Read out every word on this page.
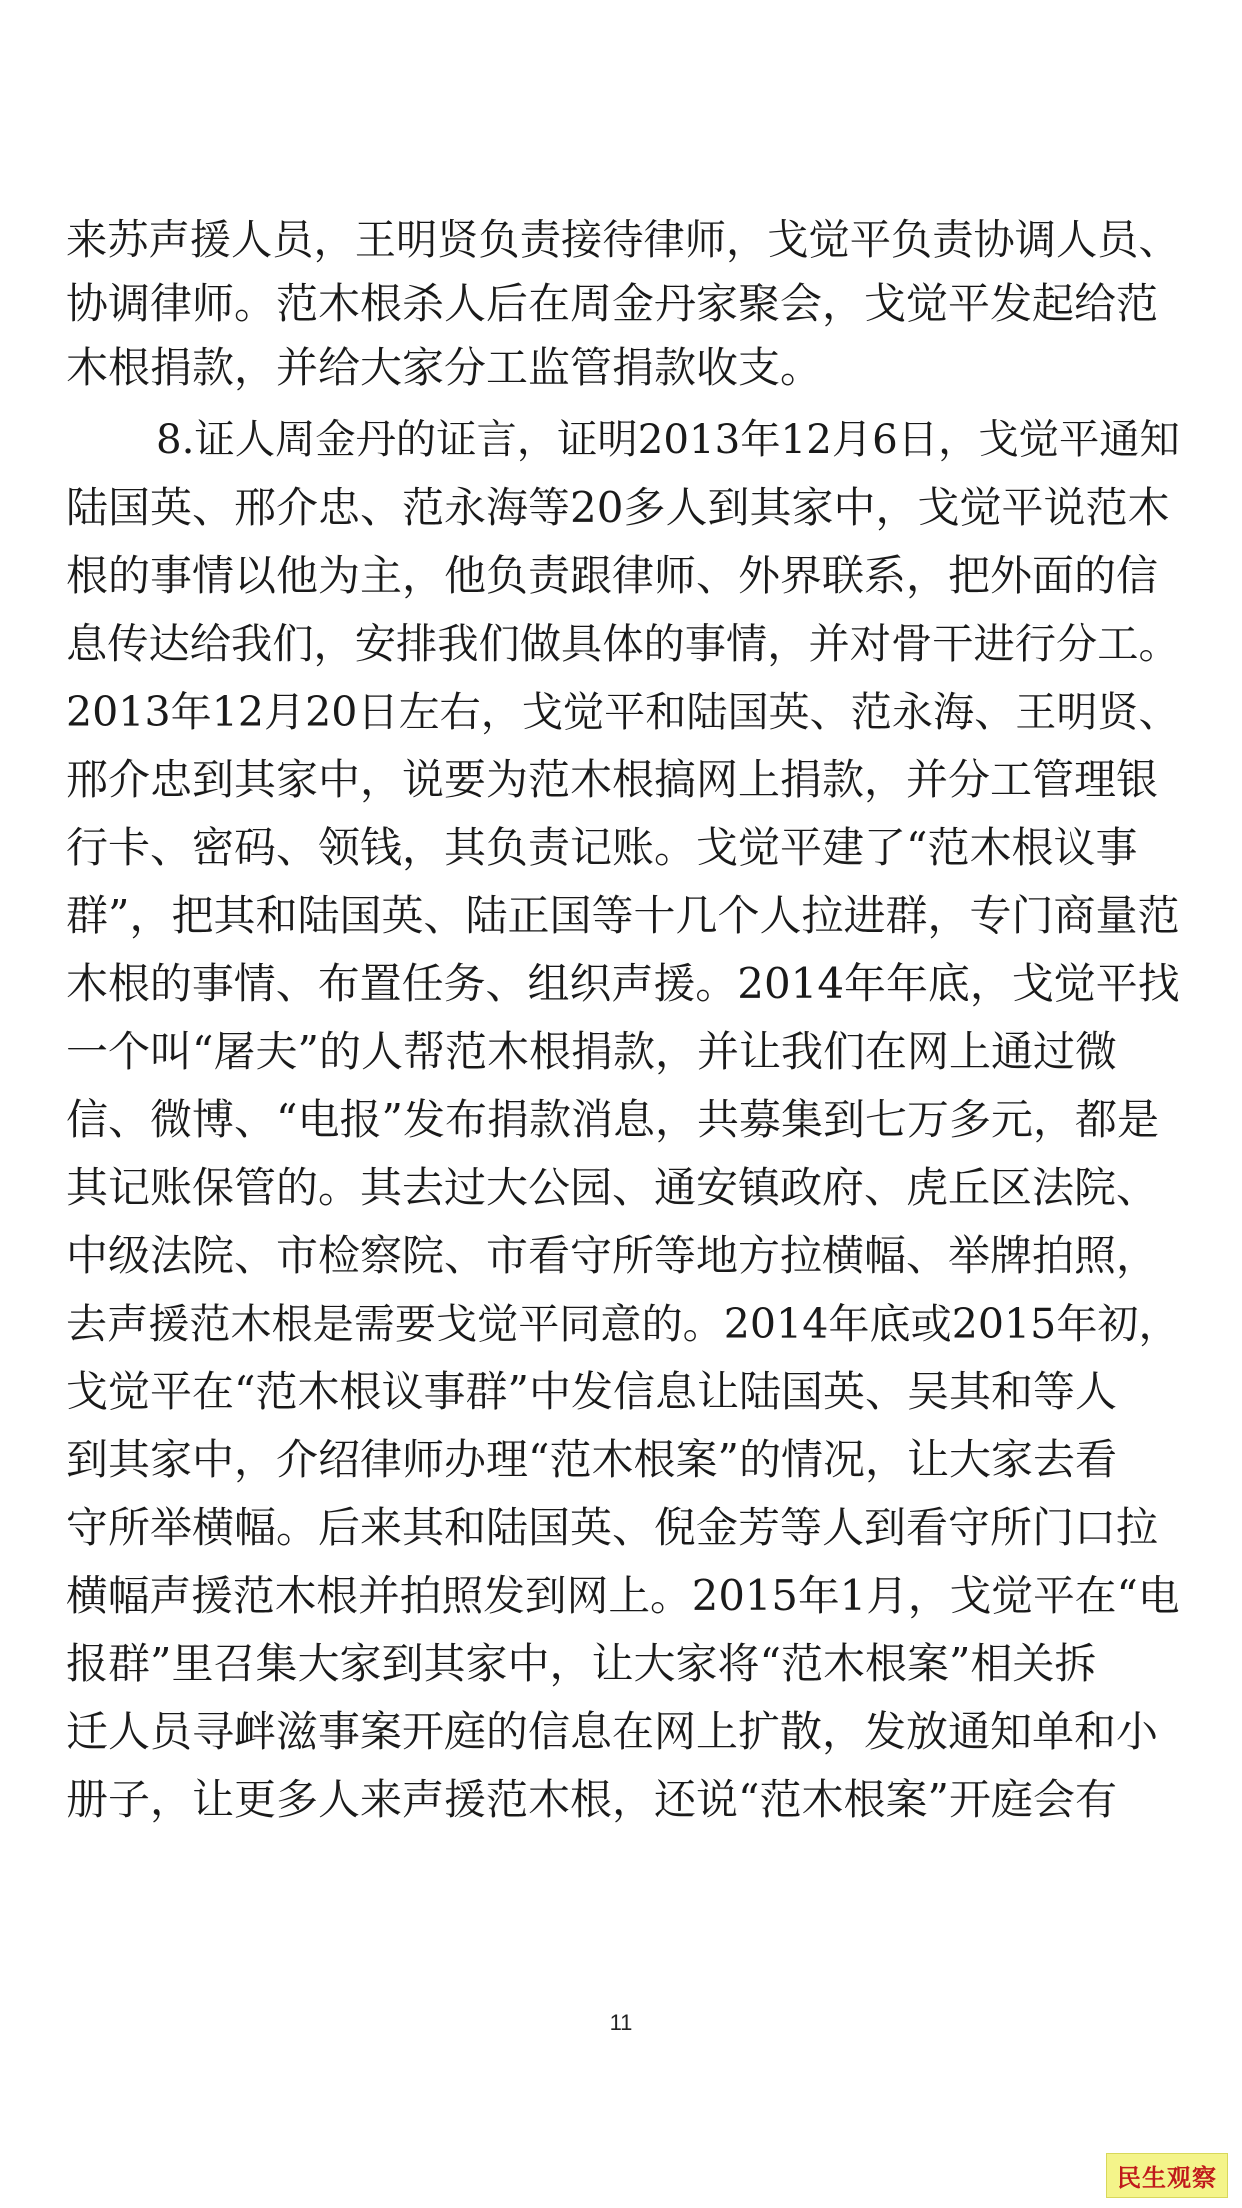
来苏声援人员，王明贤负责接待律师，戈觉平负责协调人员、
协调律师。范木根杀人后在周金丹家聚会，戈觉平发起给范
木根捐款，并给大家分工监管捐款收支。
8.证人周金丹的证言，证明2013年12月6日，戈觉平通知
陆国英、邢介忠、范永海等20多人到其家中，戈觉平说范木
根的事情以他为主，他负责跟律师、外界联系，把外面的信
息传达给我们，安排我们做具体的事情，并对骨干进行分工。
2013年12月20日左右，戈觉平和陆国英、范永海、王明贤、
邢介忠到其家中，说要为范木根搞网上捐款，并分工管理银
行卡、密码、领钱，其负责记账。戈觉平建了“范木根议事
群”，把其和陆国英、陆正国等十几个人拉进群，专门商量范
木根的事情、布置任务、组织声援。2014年年底，戈觉平找
一个叫“屠夫”的人帮范木根捐款，并让我们在网上通过微
信、微博、“电报”发布捐款消息，共募集到七万多元，都是
其记账保管的。其去过大公园、通安镇政府、虎丘区法院、
中级法院、市检察院、市看守所等地方拉横幅、举牌拍照，
去声援范木根是需要戈觉平同意的。2014年底或2015年初，
戈觉平在“范木根议事群”中发信息让陆国英、吴其和等人
到其家中，介绍律师办理“范木根案”的情况，让大家去看
守所举横幅。后来其和陆国英、倪金芳等人到看守所门口拉
横幅声援范木根并拍照发到网上。2015年1月，戈觉平在“电
报群”里召集大家到其家中，让大家将“范木根案”相关拆
迁人员寻衅滋事案开庭的信息在网上扩散，发放通知单和小
册子，让更多人来声援范木根，还说“范木根案”开庭会有
11
民生观察
